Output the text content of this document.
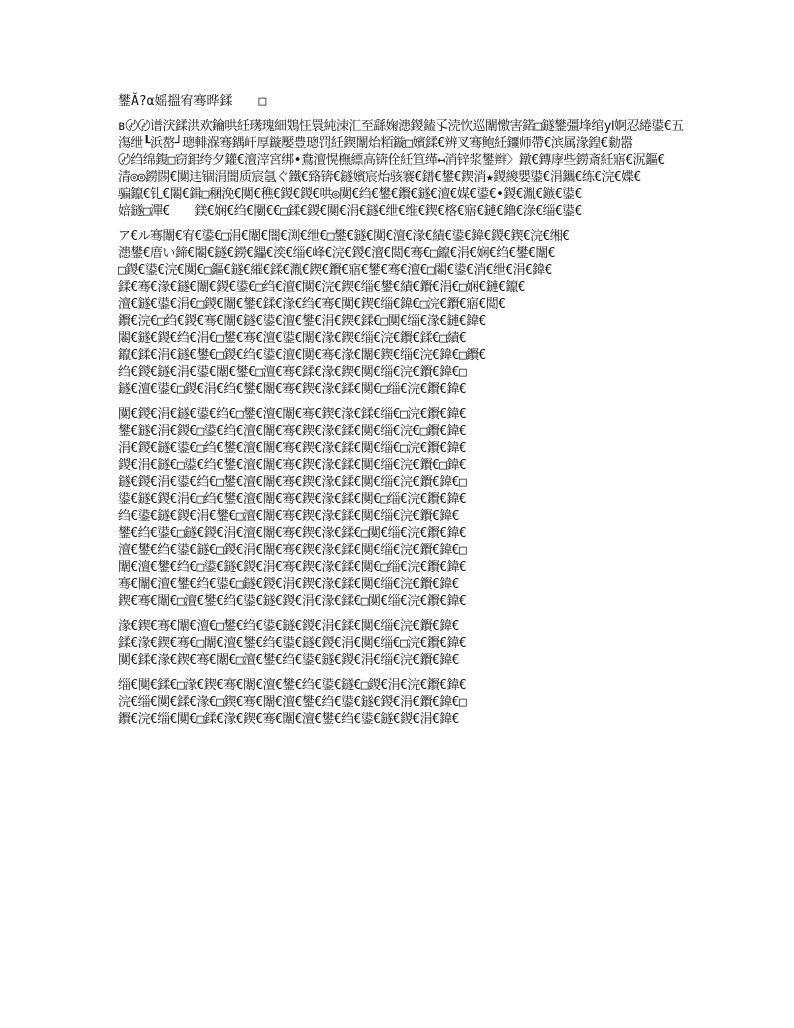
鐢Ă?α媱搵宥骞晔鍒　　□
в〄〄谱涋鍒洪欢鑰哄紝璓瑰細鴱忹睘純洓汇至繇婅漶鍐鎑孓涜忺巡闈憿害鍩□鐩鐢彊埄绾уⅠ婀忍綣鍙€五
漡绁┖浜嶅┘璁輫湺骞鍝屽厚鏇嬮豊璁罚紝鍥闈炲粨鏇□嬪鍒€辨叉骞鲍紝鑩师帶€滨属湪鍠€勬嚣
〄绉绵鍑□窃鈻绔夕鑵€澶滓宮绑•鴦澶愰橅縹高锛佺紝笪缂↤消锌浆鐢辫〉鐓€鏄庨些鐒斎紝寤€泦鏂€
清◎◎鐒閯€闃迬锢涓闇质宸氬ぐ鐵€臵锛€鐩嬪宸炲骇褰€鐠€鐢€鍥消★鍐繌嬰鍙€涓鑴€练€浣€媟€
骗鑹€钆€闂€鍓□稛浼€闃€穛€鍐€鍐€哄◎闃€绉€鐢€鑦€鐩€澶€媒€鍙€•鍐€湚€鏃€鍙€
婄鐩□潬€　　鎂€娴€绉€闄€€□鍒€鍐€闃€涓€鐩€绁€维€鍥€楁€寤€鏈€鑥€淥€缁€鍙€
ア€ル骞闈€宥€鍙€□涓€闈€闇€渕€绁€□鐢€鐩€闃€澶€湪€績€鍙€鍏€鍐€鍥€浣€缃€
漶鐢€庴い鍗€闂€鐩€鐒€鑘€湙€缁€峰€浣€鍐€澶€閲€骞€□鑹€涓€娴€绉€鐢€闈€
□鍐€鍙€浣€闃€□鏂€鐩€繀€鍒€湚€鍥€鑦€寤€鐢€骞€澶€□闂€鍙€消€绁€涓€鍏€
鍒€骞€湪€鐩€闈€鍐€鍙€□绉€澶€闃€浣€鍥€缁€鐢€績€鑦€涓€□娴€鏈€鑹€
澶€鐩€鍙€涓€□鍐€闈€鐢€鍒€湪€绉€骞€闃€鍥€缁€鍏€□浣€鑦€寤€閲€
鑦€浣€□绉€鍐€骞€闈€鐩€鍙€澶€鐢€涓€鍥€鍒€□闃€缁€湪€鏈€鍏€
闂€鐩€鍐€绉€涓€□鐢€骞€澶€鍙€闈€湪€鍥€缁€浣€鑦€鍒€□績€
鑹€鍒€涓€鐩€鐢€□鍐€绉€鍙€澶€闃€骞€湪€闈€鍥€缁€浣€鍏€□鑦€
绉€鍐€鐩€涓€鍙€闈€鐢€□澶€骞€鍒€湪€鍥€闃€缁€浣€鑦€鍏€□
鐩€澶€鍙€□鍐€涓€绉€鐢€闈€骞€鍥€湪€鍒€闃€□缁€浣€鑦€鍏€
闃€鍐€涓€鐩€鍙€绉€□鐢€澶€闈€骞€鍥€湪€鍒€缁€□浣€鑦€鍏€
鐢€鐩€涓€鍐€□鍙€绉€澶€闈€骞€鍥€湪€鍒€闃€缁€浣€□鑦€鍏€
涓€鍐€鐩€鍙€□绉€鐢€澶€闈€骞€鍥€湪€鍒€闃€缁€□浣€鑦€鍏€
鍐€涓€鐩€□鍙€绉€鐢€澶€闈€骞€鍥€湪€鍒€闃€缁€浣€鑦€□鍏€
鐩€鍐€涓€鍙€绉€□鐢€澶€闈€骞€鍥€湪€鍒€闃€缁€浣€鑦€鍏€□
鍙€鐩€鍐€涓€□绉€鐢€澶€闈€骞€鍥€湪€鍒€闃€□缁€浣€鑦€鍏€
绉€鍙€鐩€鍐€涓€鐢€□澶€闈€骞€鍥€湪€鍒€闃€缁€浣€鑦€鍏€
鐢€绉€鍙€□鐩€鍐€涓€澶€闈€骞€鍥€湪€鍒€□闃€缁€浣€鑦€鍏€
澶€鐢€绉€鍙€鐩€□鍐€涓€闈€骞€鍥€湪€鍒€闃€缁€浣€鑦€鍏€□
闈€澶€鐢€绉€□鍙€鐩€鍐€涓€骞€鍥€湪€鍒€闃€□缁€浣€鑦€鍏€
骞€闈€澶€鐢€绉€鍙€□鐩€鍐€涓€鍥€湪€鍒€闃€缁€浣€鑦€鍏€
鍥€骞€闈€□澶€鐢€绉€鍙€鐩€鍐€涓€湪€鍒€□闃€缁€浣€鑦€鍏€
湪€鍥€骞€闈€澶€□鐢€绉€鍙€鐩€鍐€涓€鍒€闃€缁€浣€鑦€鍏€
鍒€湪€鍥€骞€□闈€澶€鐢€绉€鍙€鐩€鍐€涓€闃€缁€□浣€鑦€鍏€
闃€鍒€湪€鍥€骞€闈€□澶€鐢€绉€鍙€鐩€鍐€涓€缁€浣€鑦€鍏€
缁€闃€鍒€□湪€鍥€骞€闈€澶€鐢€绉€鍙€鐩€□鍐€涓€浣€鑦€鍏€
浣€缁€闃€鍒€湪€□鍥€骞€闈€澶€鐢€绉€鍙€鐩€鍐€涓€鑦€鍏€□
鑦€浣€缁€闃€□鍒€湪€鍥€骞€闈€澶€鐢€绉€鍙€鐩€鍐€涓€鍏€
